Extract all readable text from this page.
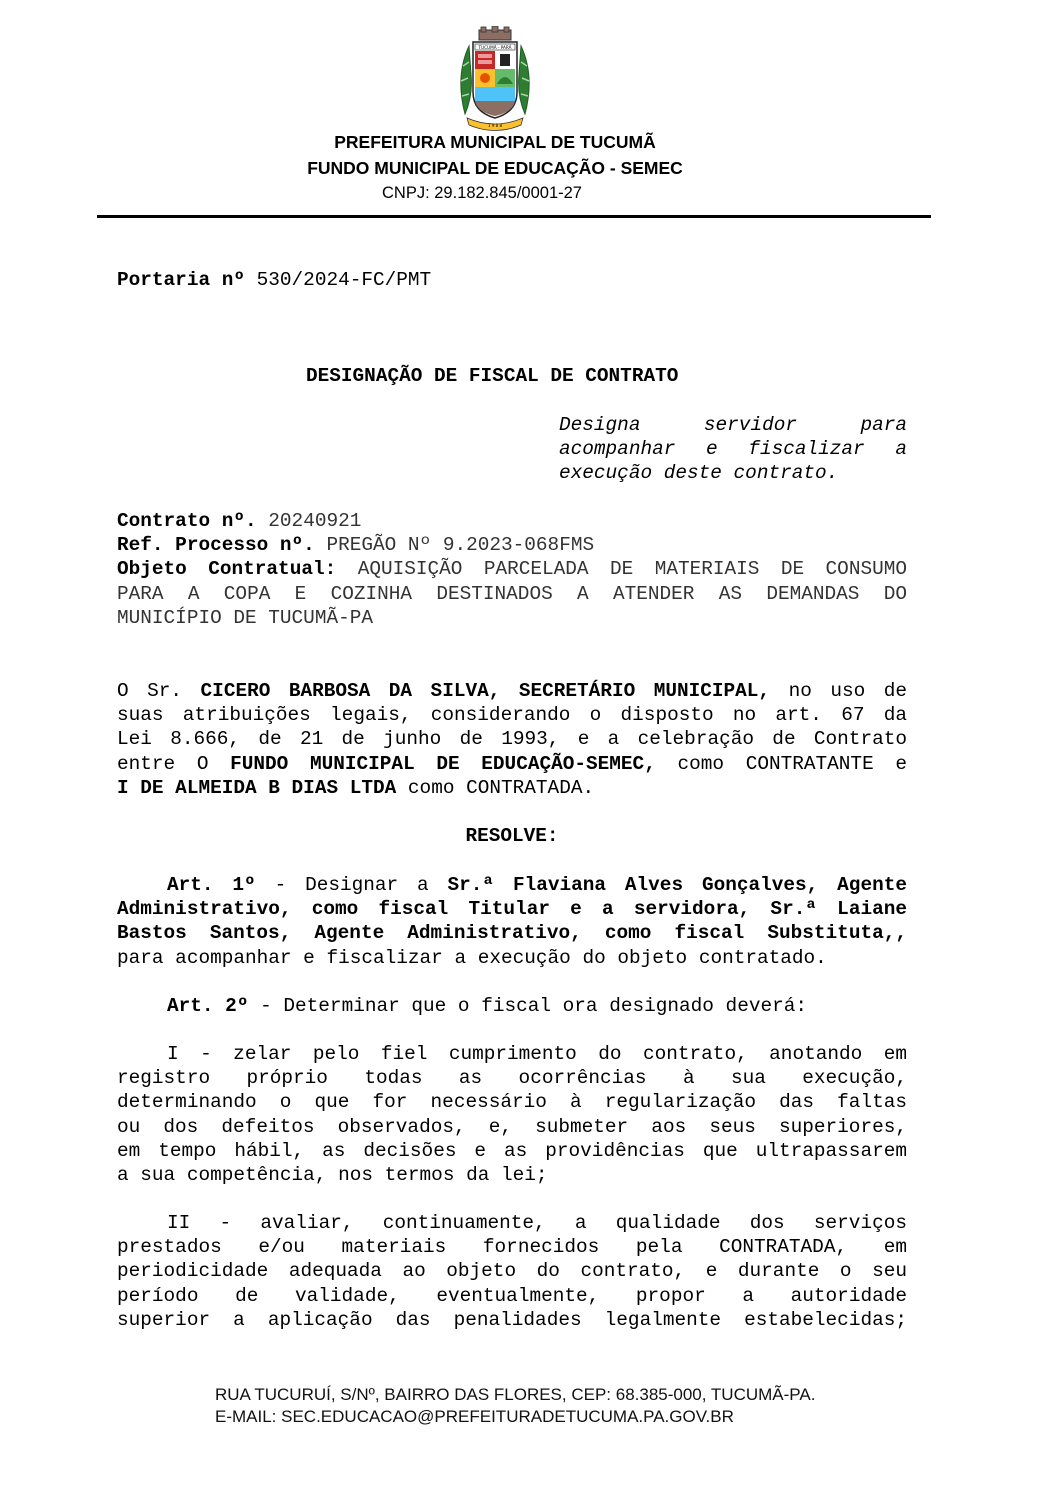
TUCUMÃ - PARÁ
1 9 8 8
PREFEITURA MUNICIPAL DE TUCUMÃ
FUNDO MUNICIPAL DE EDUCAÇÃO - SEMEC
CNPJ: 29.182.845/0001-27
Portaria nº 530/2024-FC/PMT
DESIGNAÇÃO DE FISCAL DE CONTRATO
Designa servidor para
acompanhar e fiscalizar a
execução deste contrato.
Contrato nº. 20240921
Ref. Processo nº. PREGÃO Nº 9.2023-068FMS
Objeto Contratual: AQUISIÇÃO PARCELADA DE MATERIAIS DE CONSUMO
PARA A COPA E COZINHA DESTINADOS A ATENDER AS DEMANDAS DO
MUNICÍPIO DE TUCUMÃ-PA
O Sr. CICERO BARBOSA DA SILVA, SECRETÁRIO MUNICIPAL, no uso de
suas atribuições legais, considerando o disposto no art. 67 da
Lei 8.666, de 21 de junho de 1993, e a celebração de Contrato
entre O FUNDO MUNICIPAL DE EDUCAÇÃO-SEMEC, como CONTRATANTE e
I DE ALMEIDA B DIAS LTDA como CONTRATADA.
RESOLVE:
Art. 1º - Designar a Sr.ª Flaviana Alves Gonçalves, Agente
Administrativo, como fiscal Titular e a servidora, Sr.ª Laiane
Bastos Santos, Agente Administrativo, como fiscal Substituta,,
para acompanhar e fiscalizar a execução do objeto contratado.
Art. 2º - Determinar que o fiscal ora designado deverá:
I - zelar pelo fiel cumprimento do contrato, anotando em
registro próprio todas as ocorrências à sua execução,
determinando o que for necessário à regularização das faltas
ou dos defeitos observados, e, submeter aos seus superiores,
em tempo hábil, as decisões e as providências que ultrapassarem
a sua competência, nos termos da lei;
II - avaliar, continuamente, a qualidade dos serviços
prestados e/ou materiais fornecidos pela CONTRATADA, em
periodicidade adequada ao objeto do contrato, e durante o seu
período de validade, eventualmente, propor a autoridade
superior a aplicação das penalidades legalmente estabelecidas;
RUA TUCURUÍ, S/Nº, BAIRRO DAS FLORES, CEP: 68.385-000, TUCUMÃ-PA.
E-MAIL: SEC.EDUCACAO@PREFEITURADETUCUMA.PA.GOV.BR
